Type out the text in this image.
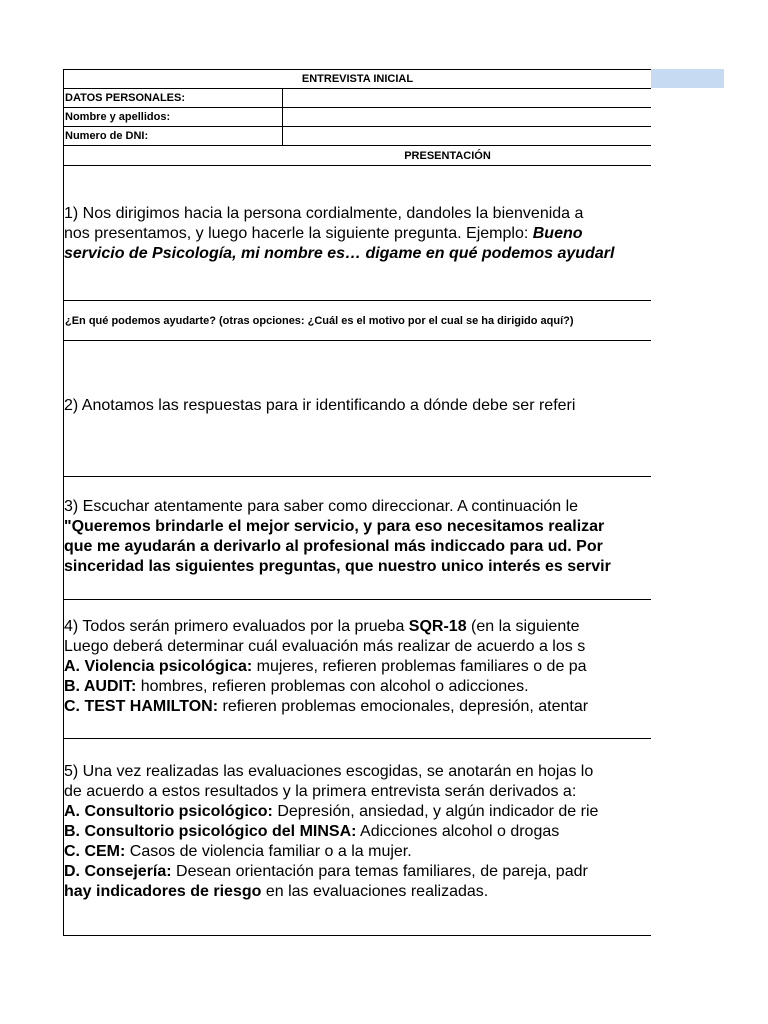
ENTREVISTA INICIAL
DATOS PERSONALES:
Nombre y apellidos:
Numero de DNI:
PRESENTACIÓN
1) Nos dirigimos hacia la persona cordialmente, dandoles la bienvenida a
nos presentamos, y luego hacerle la siguiente pregunta. Ejemplo: Bueno
servicio de Psicología, mi nombre es… digame en qué podemos ayudarl
¿En qué podemos ayudarte? (otras opciones: ¿Cuál es el motivo por el cual se ha dirigido aquí?)
2) Anotamos las respuestas para ir identificando a dónde debe ser referi
3) Escuchar atentamente para saber como direccionar. A continuación le
"Queremos brindarle el mejor servicio, y para eso necesitamos realizar
que me ayudarán a derivarlo al profesional más indiccado para ud. Por
sinceridad las siguientes preguntas, que nuestro unico interés es servir
4) Todos serán primero evaluados por la prueba SQR-18 (en la siguiente
Luego deberá determinar cuál evaluación más realizar de acuerdo a los s
A. Violencia psicológica: mujeres, refieren problemas familiares o de pa
B. AUDIT: hombres, refieren problemas con alcohol o adicciones.
C. TEST HAMILTON: refieren problemas emocionales, depresión, atentar
5) Una vez realizadas las evaluaciones escogidas, se anotarán en hojas lo
de acuerdo a estos resultados y la primera entrevista serán derivados a:
A. Consultorio psicológico: Depresión, ansiedad, y algún indicador de rie
B. Consultorio psicológico del MINSA: Adicciones alcohol o drogas
C. CEM: Casos de violencia familiar o a la mujer.
D. Consejería: Desean orientación para temas familiares, de pareja, padr
hay indicadores de riesgo en las evaluaciones realizadas.
